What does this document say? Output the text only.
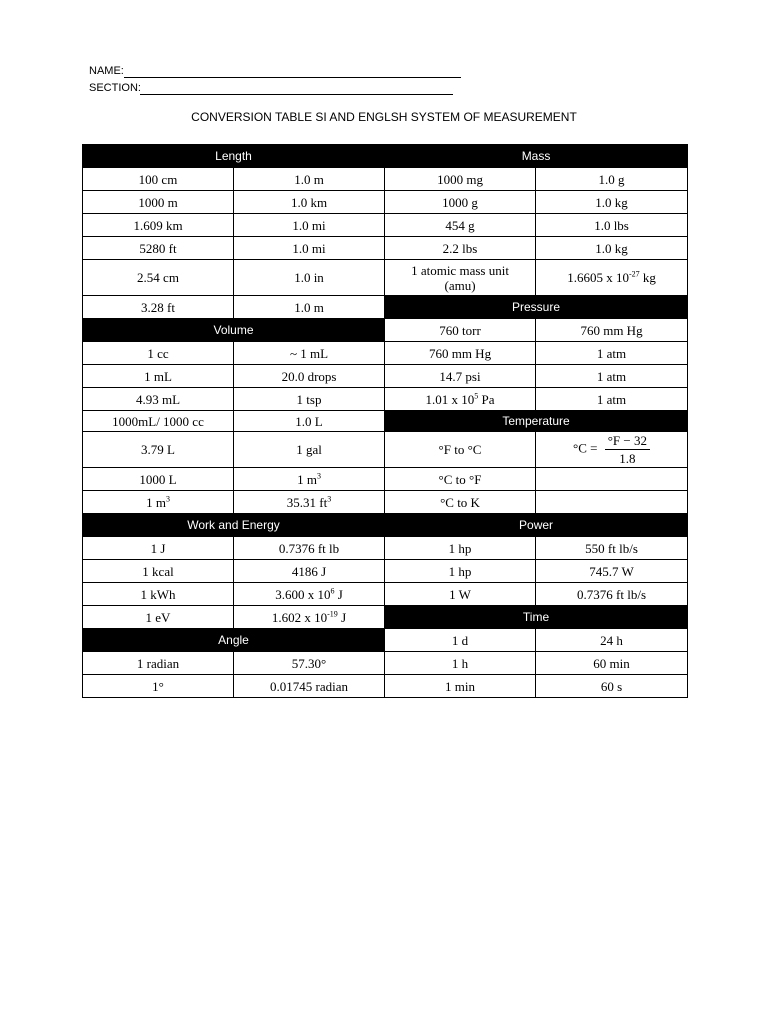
NAME:
SECTION:
CONVERSION TABLE SI AND ENGLSH SYSTEM OF MEASUREMENT
Length		Mass	
100 cm	1.0 m	1000 mg	1.0 g
1000 m	1.0 km	1000 g	1.0 kg
1.609 km	1.0 mi	454 g	1.0 lbs
5280 ft	1.0 mi	2.2 lbs	1.0 kg
2.54 cm	1.0 in	1 atomic mass unit (amu)	1.6605 x $10^{-27}$ kg
3.28 ft	1.0 m	Pressure	
Volume		760 torr	760 mm Hg
1 cc	~ 1 mL	760 mm Hg	1 atm
1 mL	20.0 drops	14.7 psi	1 atm
4.93 mL	1 tsp	1.01 x $10^5$ Pa	1 atm
1000mL/ 1000 cc	1.0 L	Temperature	
3.79 L	1 gal	°F to °C	$^\circ C = \frac{^\circ F - 32}{1.8}$

1000 L	1 $m^3$	°C to °F	
1 $m^3$	35.31 $ft^3$	°C to K	
Work and Energy		Power	
1 J	0.7376 ft lb	1 hp	550 ft lb/s
1 kcal	4186 J	1 hp	745.7 W
1 kWh	3.600 x $10^6$ J	1 W	0.7376 ft lb/s
1 eV	1.602 x $10^{-19}$ J	Time	
Angle		1 d	24 h
1 radian	57.30°	1 h	60 min
1°	0.01745 radian	1 min	60 s
